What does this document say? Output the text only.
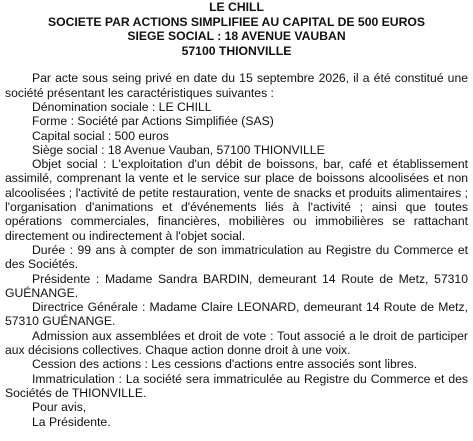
LE CHILL
SOCIETE PAR ACTIONS SIMPLIFIEE AU CAPITAL DE 500 EUROS
SIEGE SOCIAL : 18 AVENUE VAUBAN
57100 THIONVILLE

Par acte sous seing privé en date du 15 septembre 2026, il a été constitué une société présentant les caractéristiques suivantes :

Dénomination sociale : LE CHILL
Forme : Société par Actions Simplifiée (SAS)
Capital social : 500 euros
Siège social : 18 Avenue Vauban, 57100 THIONVILLE

Objet social : L'exploitation d'un débit de boissons, bar, café et établissement assimilé, comprenant la vente et le service sur place de boissons alcoolisées et non alcoolisées ; l'activité de petite restauration, vente de snacks et produits alimentaires ; l'organisation d'animations et d'événements liés à l'activité ; ainsi que toutes opérations commerciales, financières, mobilières ou immobilières se rattachant directement ou indirectement à l'objet social.

Durée : 99 ans à compter de son immatriculation au Registre du Commerce et des Sociétés.

Présidente : Madame Sandra BARDIN, demeurant 14 Route de Metz, 57310 GUÉNANGE.

Directrice Générale : Madame Claire LEONARD, demeurant 14 Route de Metz, 57310 GUÉNANGE.

Admission aux assemblées et droit de vote : Tout associé a le droit de participer aux décisions collectives. Chaque action donne droit à une voix.

Cession des actions : Les cessions d'actions entre associés sont libres.

Immatriculation : La société sera immatriculée au Registre du Commerce et des Sociétés de THIONVILLE.

Pour avis,
La Présidente.
